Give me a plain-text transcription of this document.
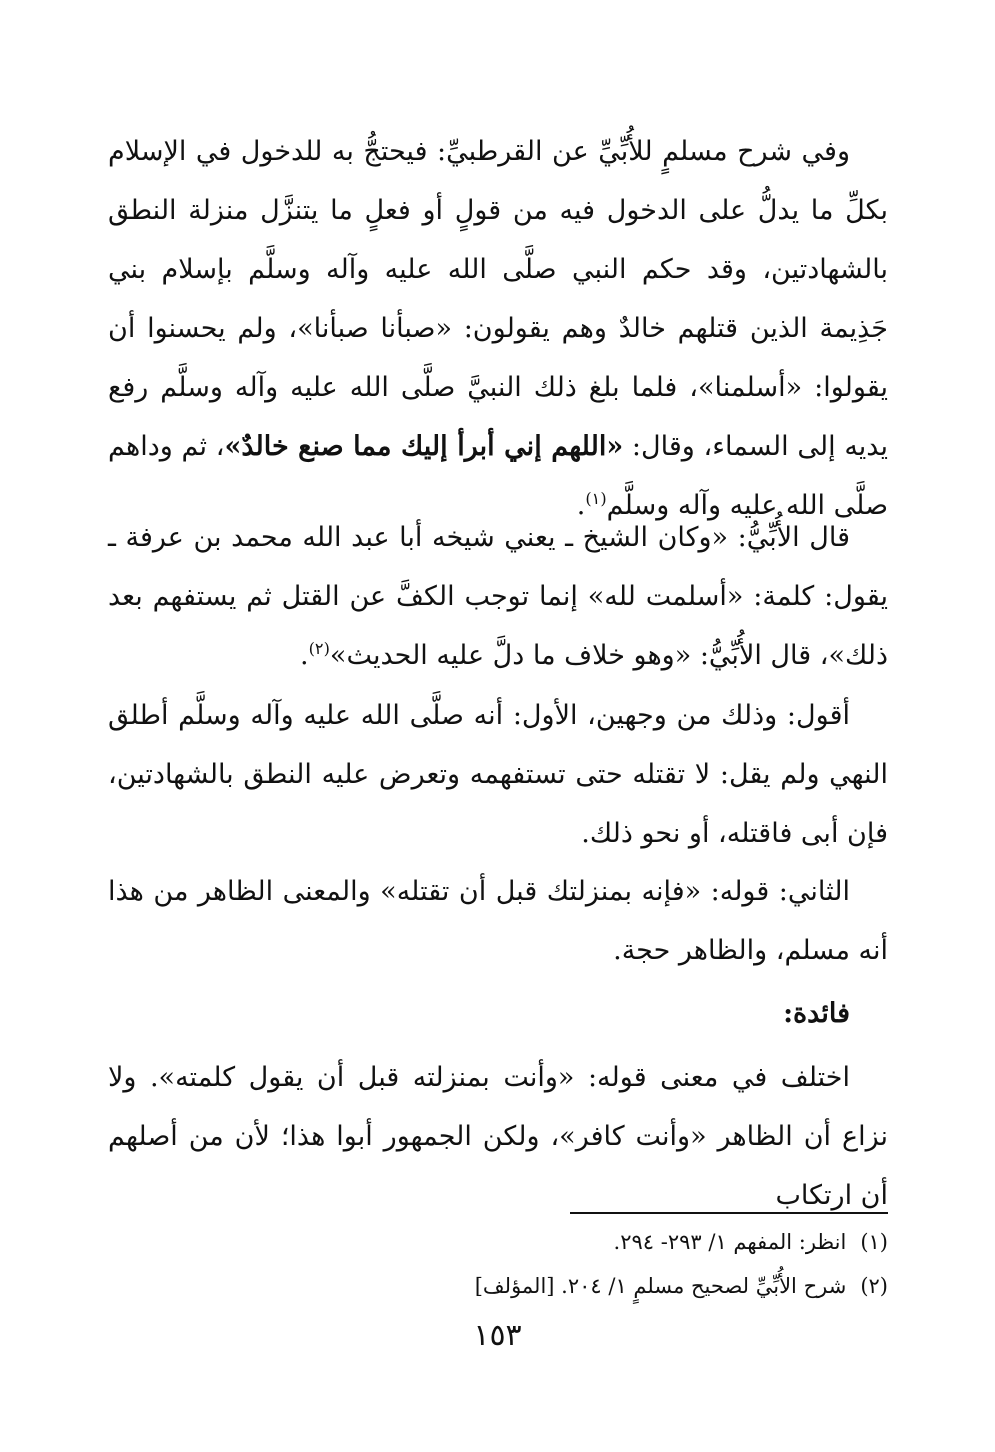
وفي شرح مسلمٍ للأُبِّيِّ عن القرطبيِّ: فيحتجُّ به للدخول في الإسلام بكلِّ ما يدلُّ على الدخول فيه من قولٍ أو فعلٍ ما يتنزَّل منزلة النطق بالشهادتين، وقد حكم النبي صلَّى الله عليه وآله وسلَّم بإسلام بني جَذِيمة الذين قتلهم خالدٌ وهم يقولون: «صبأنا صبأنا»، ولم يحسنوا أن يقولوا: «أسلمنا»، فلما بلغ ذلك النبيَّ صلَّى الله عليه وآله وسلَّم رفع يديه إلى السماء، وقال: «اللهم إني أبرأ إليك مما صنع خالدٌ»، ثم وداهم صلَّى الله عليه وآله وسلَّم$^{(١)}$.

قال الأُبِّيُّ: «وكان الشيخ ـ يعني شيخه أبا عبد الله محمد بن عرفة ـ يقول: كلمة: «أسلمت لله» إنما توجب الكفَّ عن القتل ثم يستفهم بعد ذلك»، قال الأُبِّيُّ: «وهو خلاف ما دلَّ عليه الحديث»$^{(٢)}$.

أقول: وذلك من وجهين، الأول: أنه صلَّى الله عليه وآله وسلَّم أطلق النهي ولم يقل: لا تقتله حتى تستفهمه وتعرض عليه النطق بالشهادتين، فإن أبى فاقتله، أو نحو ذلك.

الثاني: قوله: «فإنه بمنزلتك قبل أن تقتله» والمعنى الظاهر من هذا أنه مسلم، والظاهر حجة.

فائدة:

اختلف في معنى قوله: «وأنت بمنزلته قبل أن يقول كلمته». ولا نزاع أن الظاهر «وأنت كافر»، ولكن الجمهور أبوا هذا؛ لأن من أصلهم أن ارتكاب

(١)انظر: المفهم ١/ ٢٩٣- ٢٩٤.
(٢)شرح الأُبِّيِّ لصحيح مسلمٍ ١/ ٢٠٤. [المؤلف]
١٥٣
